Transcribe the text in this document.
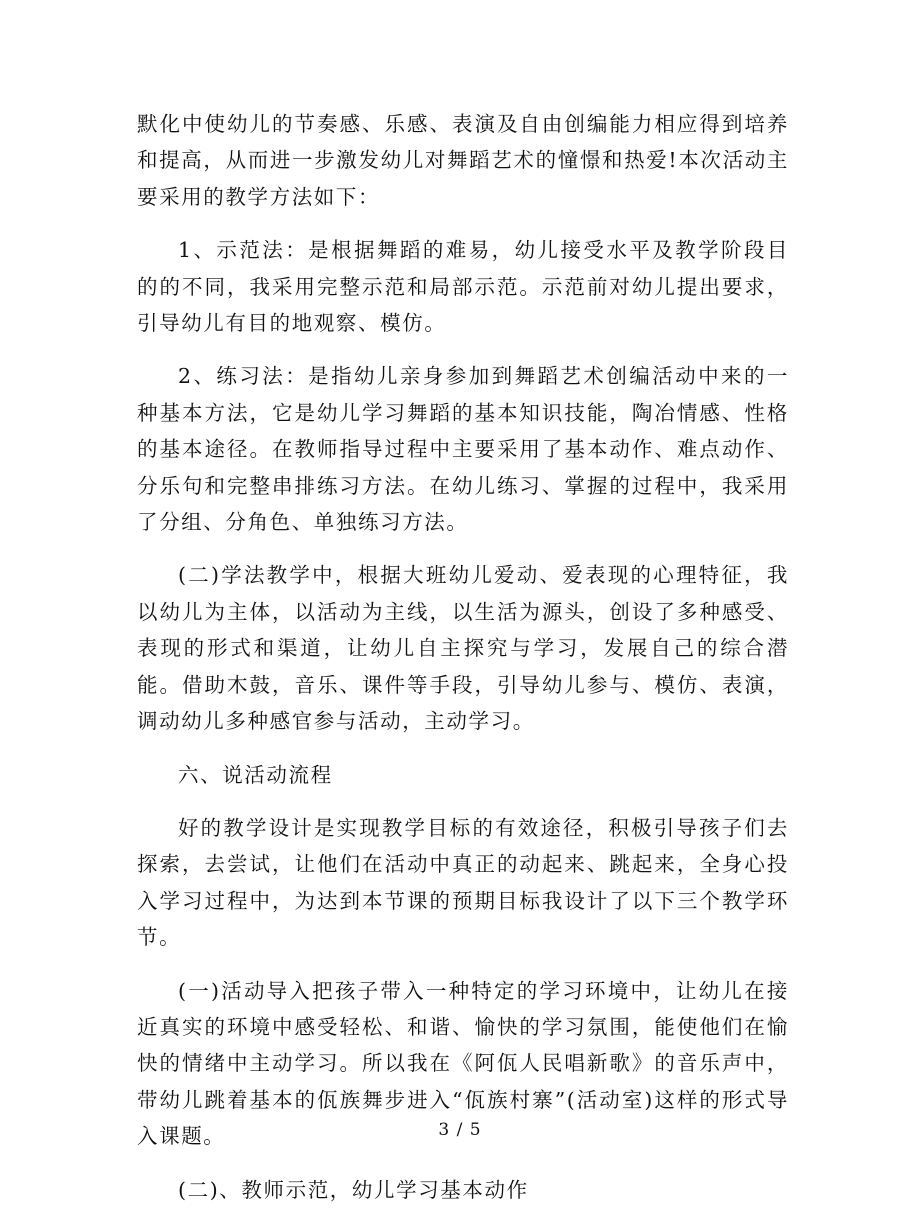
默化中使幼儿的节奏感、乐感、表演及自由创编能力相应得到培养和提高，从而进一步激发幼儿对舞蹈艺术的憧憬和热爱!本次活动主要采用的教学方法如下：

1、示范法：是根据舞蹈的难易，幼儿接受水平及教学阶段目的的不同，我采用完整示范和局部示范。示范前对幼儿提出要求，引导幼儿有目的地观察、模仿。

2、练习法：是指幼儿亲身参加到舞蹈艺术创编活动中来的一种基本方法，它是幼儿学习舞蹈的基本知识技能，陶冶情感、性格的基本途径。在教师指导过程中主要采用了基本动作、难点动作、分乐句和完整串排练习方法。在幼儿练习、掌握的过程中，我采用了分组、分角色、单独练习方法。

(二)学法教学中，根据大班幼儿爱动、爱表现的心理特征，我以幼儿为主体，以活动为主线，以生活为源头，创设了多种感受、表现的形式和渠道，让幼儿自主探究与学习，发展自己的综合潜能。借助木鼓，音乐、课件等手段，引导幼儿参与、模仿、表演，调动幼儿多种感官参与活动，主动学习。

六、说活动流程

好的教学设计是实现教学目标的有效途径，积极引导孩子们去探索，去尝试，让他们在活动中真正的动起来、跳起来，全身心投入学习过程中，为达到本节课的预期目标我设计了以下三个教学环节。

(一)活动导入把孩子带入一种特定的学习环境中，让幼儿在接近真实的环境中感受轻松、和谐、愉快的学习氛围，能使他们在愉快的情绪中主动学习。所以我在《阿佤人民唱新歌》的音乐声中，带幼儿跳着基本的佤族舞步进入“佤族村寨”(活动室)这样的形式导入课题。

(二)、教师示范，幼儿学习基本动作

3 / 5
